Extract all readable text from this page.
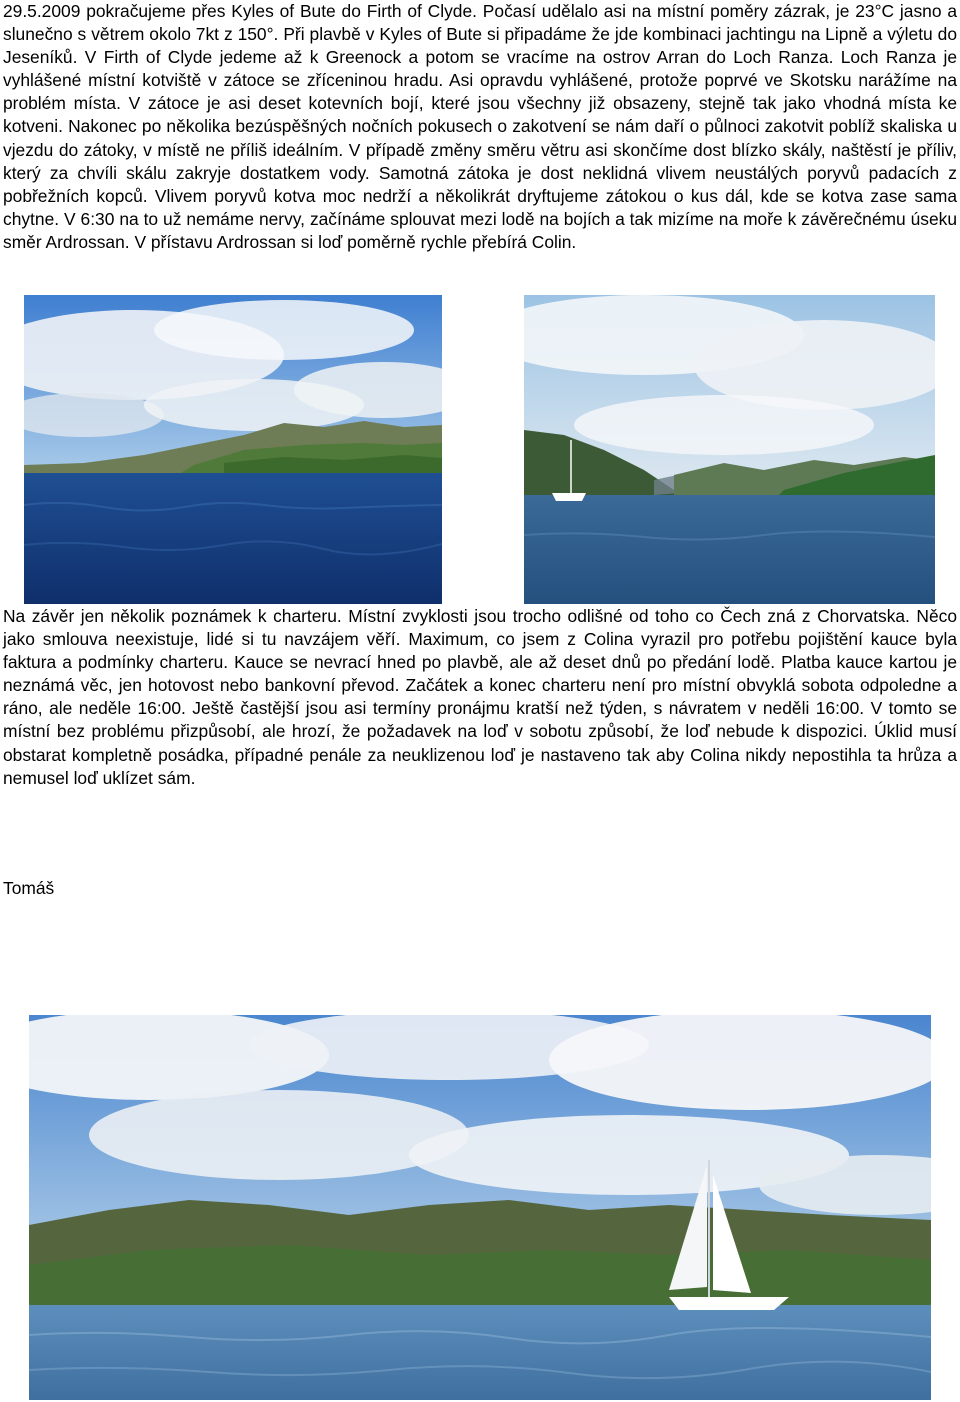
29.5.2009 pokračujeme přes Kyles of Bute do Firth of Clyde. Počasí udělalo asi na místní poměry zázrak, je 23°C jasno a slunečno s větrem okolo 7kt z 150°. Při plavbě v Kyles of Bute si připadáme že jde kombinaci jachtingu na Lipně a výletu do Jeseníků. V Firth of Clyde jedeme až k Greenock a potom se vracíme na ostrov Arran do Loch Ranza. Loch Ranza je vyhlášené místní kotviště v zátoce se zříceninou hradu. Asi opravdu vyhlášené, protože poprvé ve Skotsku narážíme na problém místa. V zátoce je asi deset kotevních bojí, které jsou všechny již obsazeny, stejně tak jako vhodná místa ke kotveni. Nakonec po několika bezúspěšných nočních pokusech o zakotvení se nám daří o půlnoci zakotvit poblíž skaliska u vjezdu do zátoky, v místě ne příliš ideálním. V případě změny směru větru asi skončíme dost blízko skály, naštěstí je příliv, který za chvíli skálu zakryje dostatkem vody. Samotná zátoka je dost neklidná vlivem neustálých poryvů padacích z pobřežních kopců. Vlivem poryvů kotva moc nedrží a několikrát dryftujeme zátokou o kus dál, kde se kotva zase sama chytne. V 6:30 na to už nemáme nervy, začínáme splouvat mezi lodě na bojích a tak mizíme na moře k závěrečnému úseku směr Ardrossan. V přístavu Ardrossan si loď poměrně rychle přebírá Colin.

Na závěr jen několik poznámek k charteru. Místní zvyklosti jsou trocho odlišné od toho co Čech zná z Chorvatska. Něco jako smlouva neexistuje, lidé si tu navzájem věří. Maximum, co jsem z Colina vyrazil pro potřebu pojištění kauce byla faktura a podmínky charteru. Kauce se nevrací hned po plavbě, ale až deset dnů po předání lodě. Platba kauce kartou je neznámá věc, jen hotovost nebo bankovní převod. Začátek a konec charteru není pro místní obvyklá sobota odpoledne a ráno, ale neděle 16:00. Ještě častější jsou asi termíny pronájmu kratší než týden, s návratem v neděli 16:00. V tomto se místní bez problému přizpůsobí, ale hrozí, že požadavek na loď v sobotu způsobí, že loď nebude k dispozici. Úklid musí obstarat kompletně posádka, případné penále za neuklizenou loď je nastaveno tak aby Colina nikdy nepostihla ta hrůza a nemusel loď uklízet sám.

Tomáš
